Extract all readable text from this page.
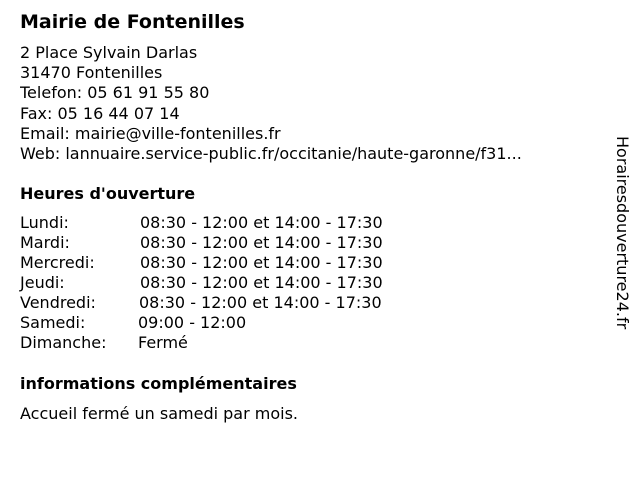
Mairie de Fontenilles
2 Place Sylvain Darlas
31470 Fontenilles
Telefon: 05 61 91 55 80
Fax: 05 16 44 07 14
Email: mairie@ville-fontenilles.fr
Web: lannuaire.service-public.fr/occitanie/haute-garonne/f31...
Heures d'ouverture
Lundi:	08:30 - 12:00 et 14:00 - 17:30
Mardi:	08:30 - 12:00 et 14:00 - 17:30
Mercredi:	08:30 - 12:00 et 14:00 - 17:30
Jeudi:	08:30 - 12:00 et 14:00 - 17:30
Vendredi:	08:30 - 12:00 et 14:00 - 17:30
Samedi:	09:00 - 12:00
Dimanche: Fermé
informations complémentaires
Accueil fermé un samedi par mois.
Horairesdouverture24.fr
